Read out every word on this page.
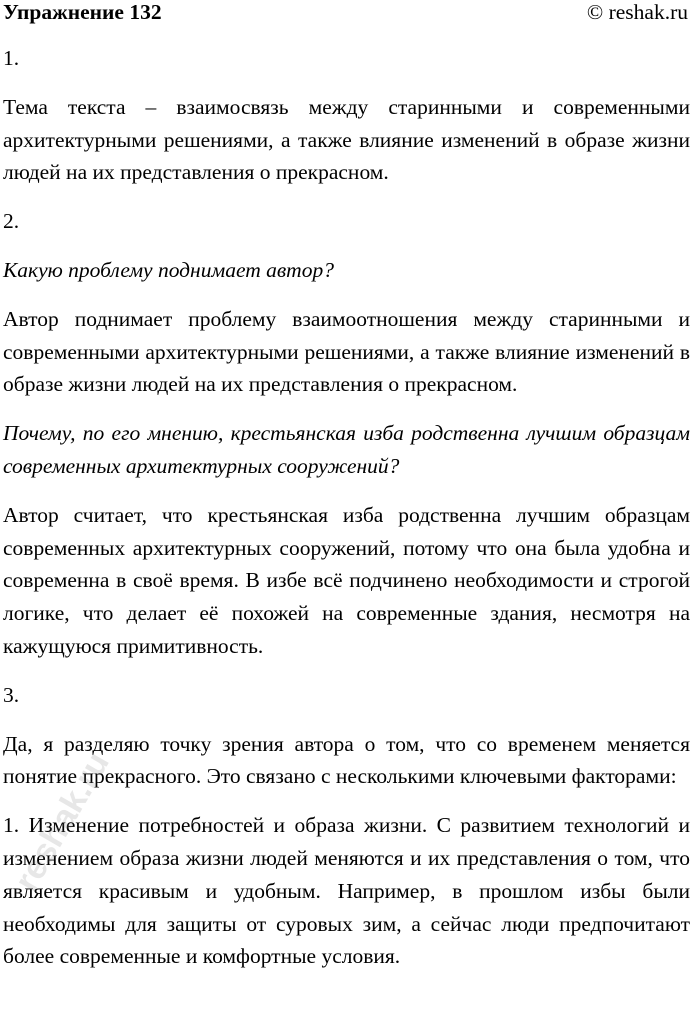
Упражнение 132	© reshak.ru

1.

Тема текста – взаимосвязь между старинными и современными архитектурными решениями, а также влияние изменений в образе жизни людей на их представления о прекрасном.

2.

Какую проблему поднимает автор?

Автор поднимает проблему взаимоотношения между старинными и современными архитектурными решениями, а также влияние изменений в образе жизни людей на их представления о прекрасном.

Почему, по его мнению, крестьянская изба родственна лучшим образцам современных архитектурных сооружений?

Автор считает, что крестьянская изба родственна лучшим образцам современных архитектурных сооружений, потому что она была удобна и современна в своё время. В избе всё подчинено необходимости и строгой логике, что делает её похожей на современные здания, несмотря на кажущуюся примитивность.

3.

Да, я разделяю точку зрения автора о том, что со временем меняется понятие прекрасного. Это связано с несколькими ключевыми факторами:

1. Изменение потребностей и образа жизни. С развитием технологий и изменением образа жизни людей меняются и их представления о том, что является красивым и удобным. Например, в прошлом избы были необходимы для защиты от суровых зим, а сейчас люди предпочитают более современные и комфортные условия.

reshak.ru
